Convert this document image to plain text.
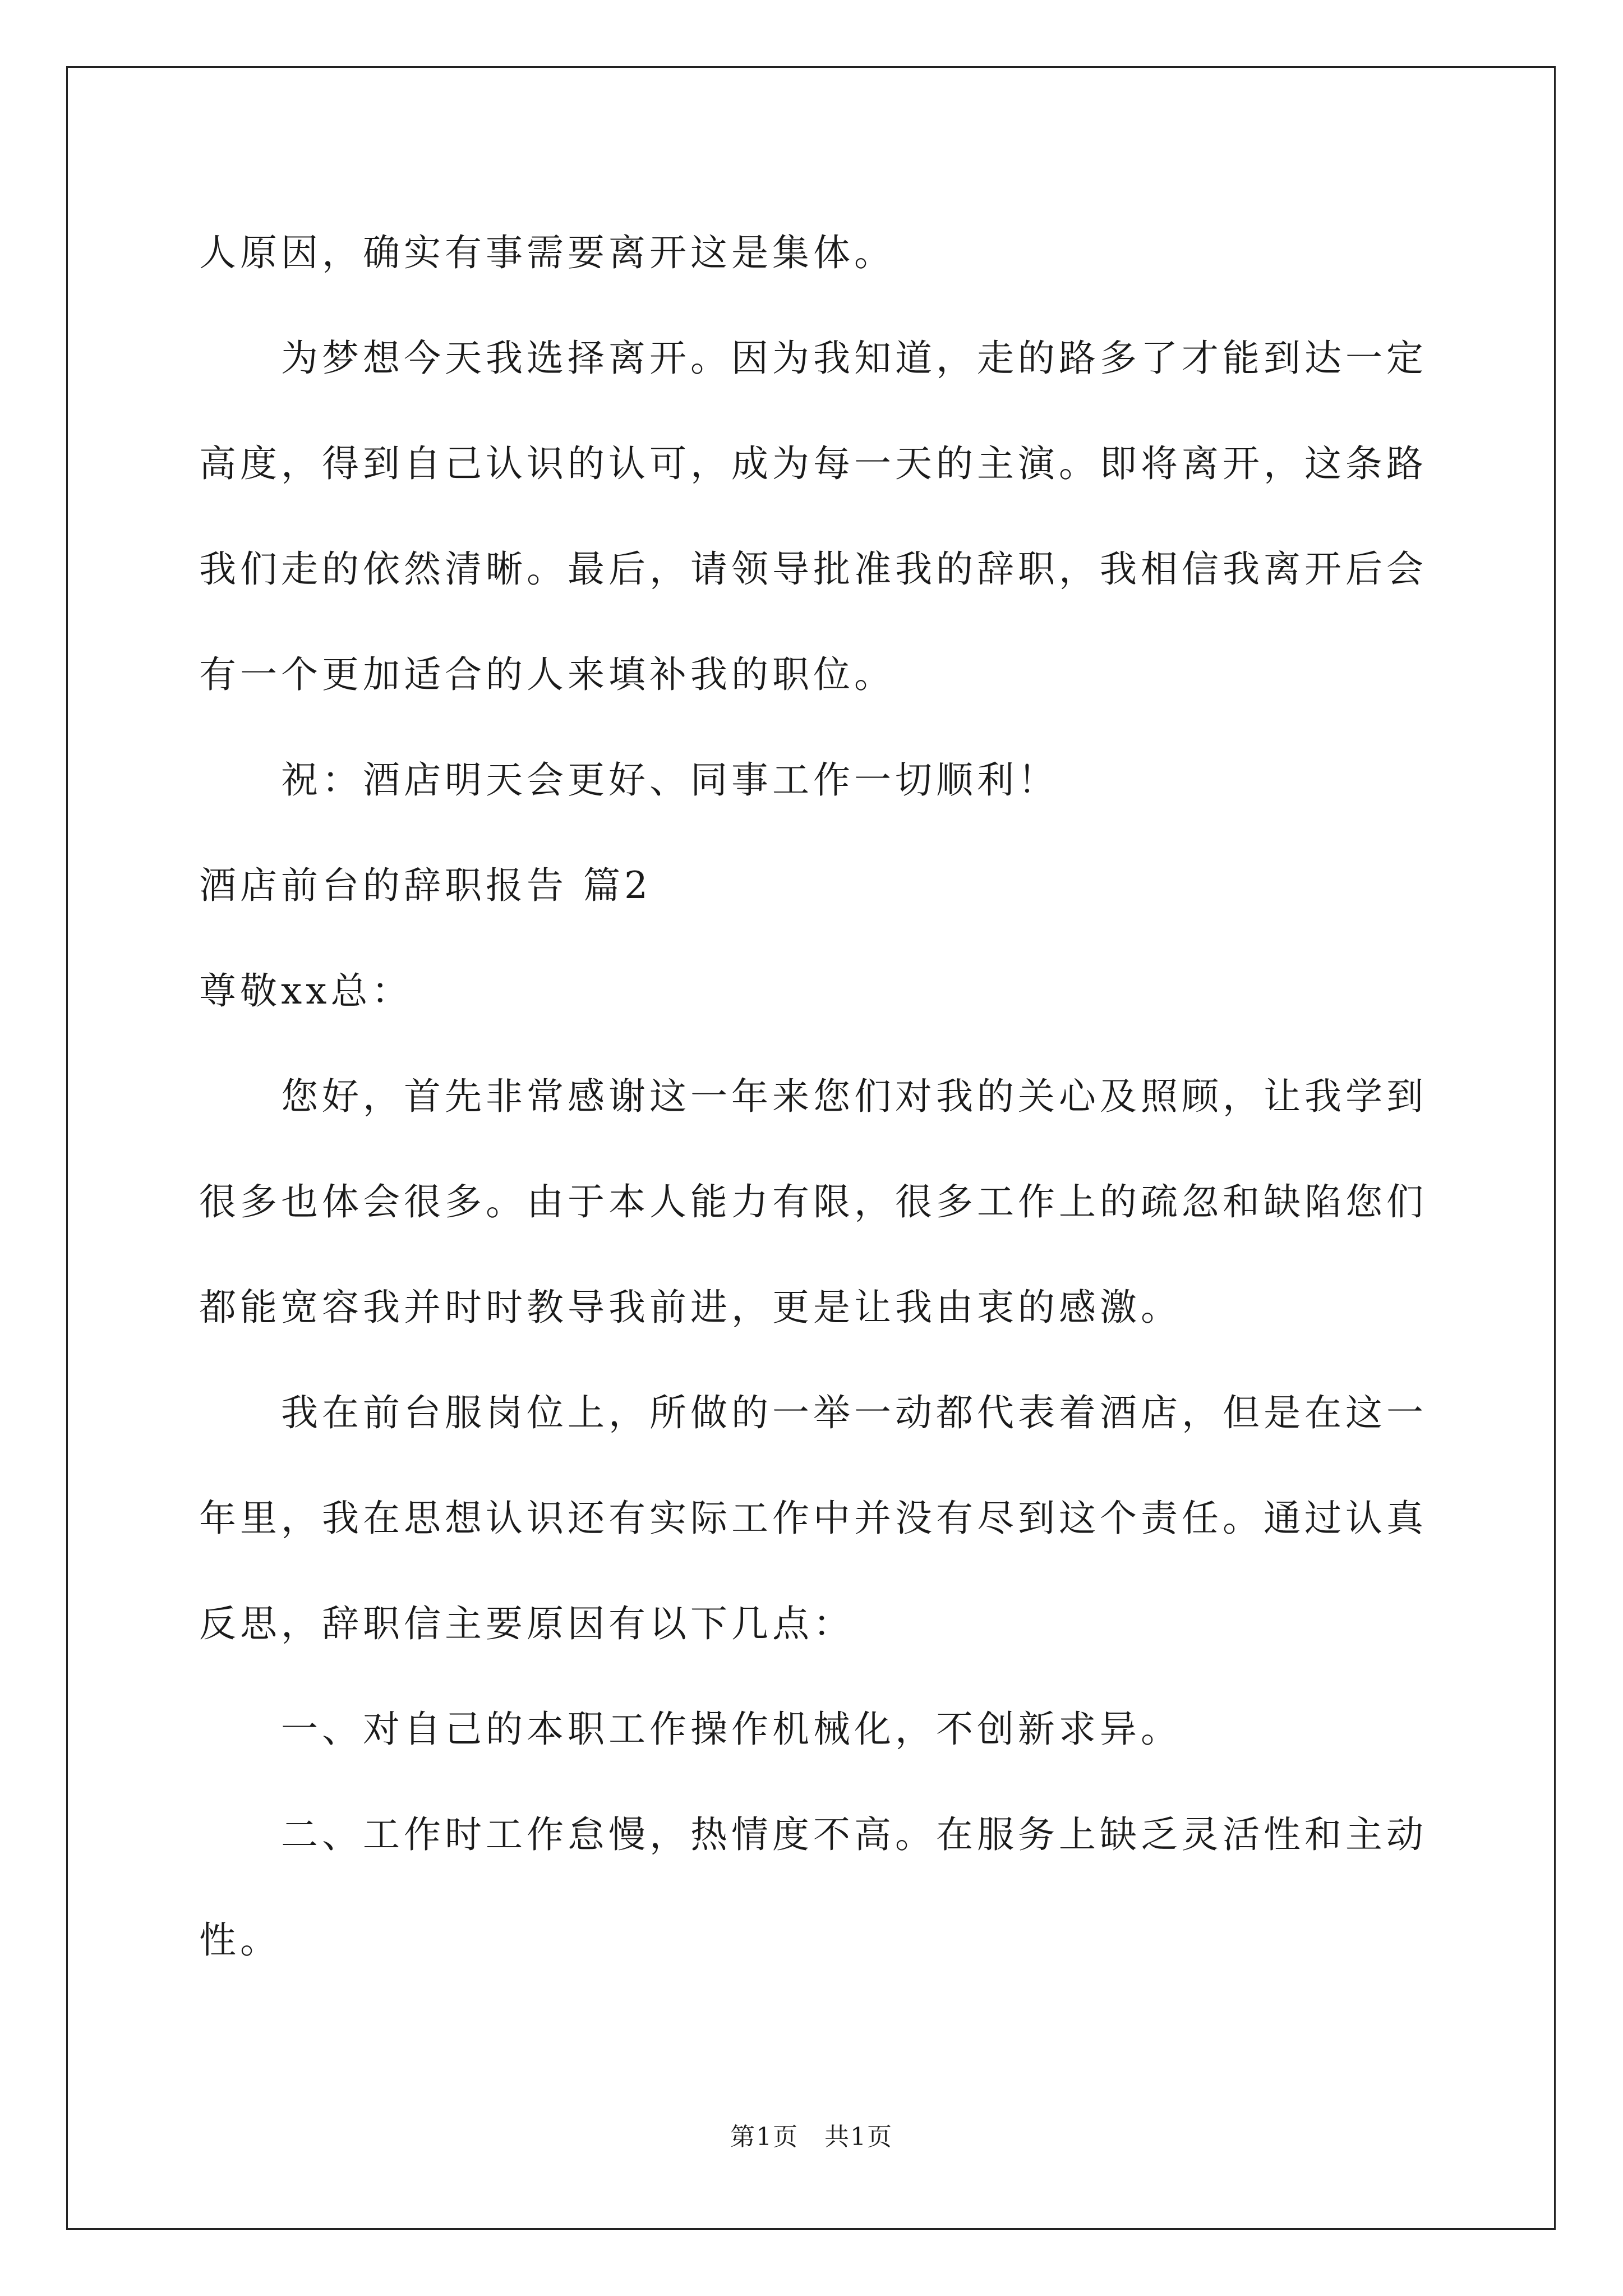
人原因，确实有事需要离开这是集体。
为梦想今天我选择离开。因为我知道，走的路多了才能到达一定
高度，得到自己认识的认可，成为每一天的主演。即将离开，这条路
我们走的依然清晰。最后，请领导批准我的辞职，我相信我离开后会
有一个更加适合的人来填补我的职位。
祝：酒店明天会更好、同事工作一切顺利！
酒店前台的辞职报告 篇2
尊敬xx总：
您好，首先非常感谢这一年来您们对我的关心及照顾，让我学到
很多也体会很多。由于本人能力有限，很多工作上的疏忽和缺陷您们
都能宽容我并时时教导我前进，更是让我由衷的感激。
我在前台服岗位上，所做的一举一动都代表着酒店，但是在这一
年里，我在思想认识还有实际工作中并没有尽到这个责任。通过认真
反思，辞职信主要原因有以下几点：
一、对自己的本职工作操作机械化，不创新求异。
二、工作时工作怠慢，热情度不高。在服务上缺乏灵活性和主动
性。
第1页　共1页
